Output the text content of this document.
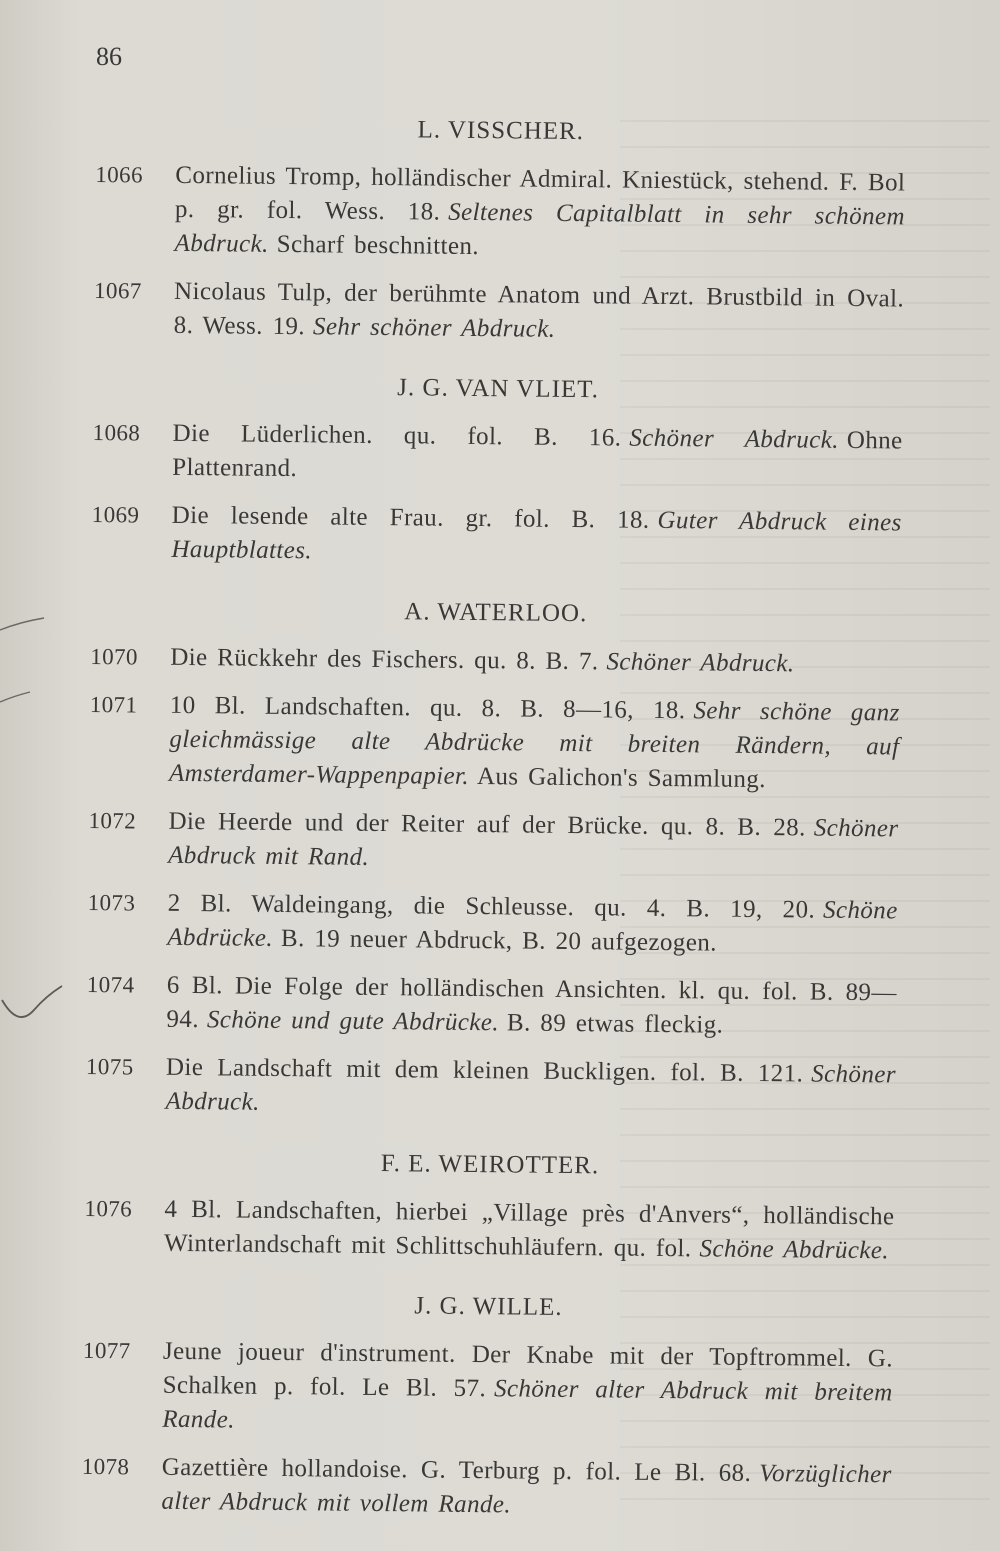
86
L. VISSCHER.
1066	Cornelius Tromp, holländischer Admiral. Kniestück, stehend. F. Bol p. gr. fol. Wess. 18. Seltenes Capitalblatt in sehr schönem Abdruck. Scharf beschnitten.
1067	Nicolaus Tulp, der berühmte Anatom und Arzt. Brustbild in Oval. 8. Wess. 19. Sehr schöner Abdruck.
J. G. VAN VLIET.
1068	Die Lüderlichen. qu. fol. B. 16. Schöner Abdruck. Ohne Plattenrand.
1069	Die lesende alte Frau. gr. fol. B. 18. Guter Abdruck eines Hauptblattes.
A. WATERLOO.
1070	Die Rückkehr des Fischers. qu. 8. B. 7. Schöner Abdruck.
1071	10 Bl. Landschaften. qu. 8. B. 8—16, 18. Sehr schöne ganz gleichmässige alte Abdrücke mit breiten Rändern, auf Amsterdamer-Wappenpapier. Aus Galichon's Sammlung.
1072	Die Heerde und der Reiter auf der Brücke. qu. 8. B. 28. Schöner Abdruck mit Rand.
1073	2 Bl. Waldeingang, die Schleusse. qu. 4. B. 19, 20. Schöne Abdrücke. B. 19 neuer Abdruck, B. 20 aufgezogen.
1074	6 Bl. Die Folge der holländischen Ansichten. kl. qu. fol. B. 89—94. Schöne und gute Abdrücke. B. 89 etwas fleckig.
1075	Die Landschaft mit dem kleinen Buckligen. fol. B. 121. Schöner Abdruck.
F. E. WEIROTTER.
1076	4 Bl. Landschaften, hierbei „Village près d'Anvers“, holländische Winterlandschaft mit Schlittschuhläufern. qu. fol. Schöne Abdrücke.
J. G. WILLE.
1077	Jeune joueur d'instrument. Der Knabe mit der Topftrommel. G. Schalken p. fol. Le Bl. 57. Schöner alter Abdruck mit breitem Rande.
1078	Gazettière hollandoise. G. Terburg p. fol. Le Bl. 68. Vorzüglicher alter Abdruck mit vollem Rande.
